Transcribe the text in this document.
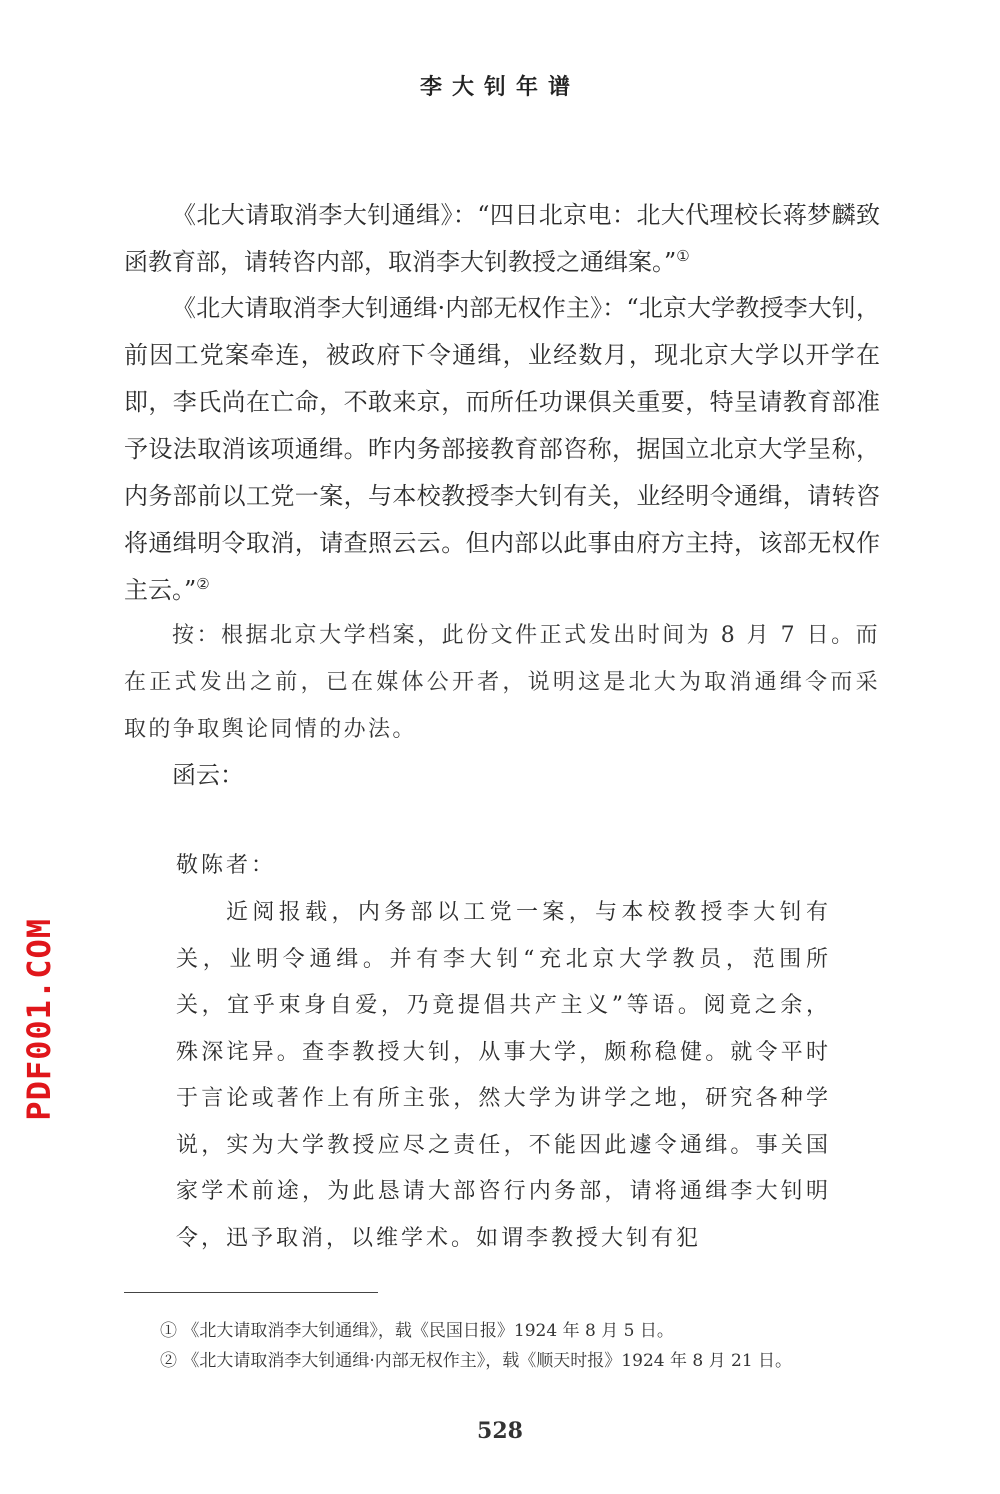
李大钊年谱

《北大请取消李大钊通缉》：“四日北京电：北大代理校长蒋梦麟致函教育部，请转咨内部，取消李大钊教授之通缉案。”①

《北大请取消李大钊通缉·内部无权作主》：“北京大学教授李大钊，前因工党案牵连，被政府下令通缉，业经数月，现北京大学以开学在即，李氏尚在亡命，不敢来京，而所任功课俱关重要，特呈请教育部准予设法取消该项通缉。昨内务部接教育部咨称，据国立北京大学呈称，内务部前以工党一案，与本校教授李大钊有关，业经明令通缉，请转咨将通缉明令取消，请查照云云。但内部以此事由府方主持，该部无权作主云。”②

按：根据北京大学档案，此份文件正式发出时间为 8 月 7 日。而在正式发出之前，已在媒体公开者，说明这是北大为取消通缉令而采取的争取舆论同情的办法。

函云：

敬陈者：

近阅报载，内务部以工党一案，与本校教授李大钊有关，业明令通缉。并有李大钊“充北京大学教员，范围所关，宜乎束身自爱，乃竟提倡共产主义”等语。阅竟之余，殊深诧异。查李教授大钊，从事大学，颇称稳健。就令平时于言论或著作上有所主张，然大学为讲学之地，研究各种学说，实为大学教授应尽之责任，不能因此遽令通缉。事关国家学术前途，为此恳请大部咨行内务部，请将通缉李大钊明令，迅予取消，以维学术。如谓李教授大钊有犯

① 《北大请取消李大钊通缉》，载《民国日报》1924 年 8 月 5 日。

② 《北大请取消李大钊通缉·内部无权作主》，载《顺天时报》1924 年 8 月 21 日。

528
PDF001.COM
